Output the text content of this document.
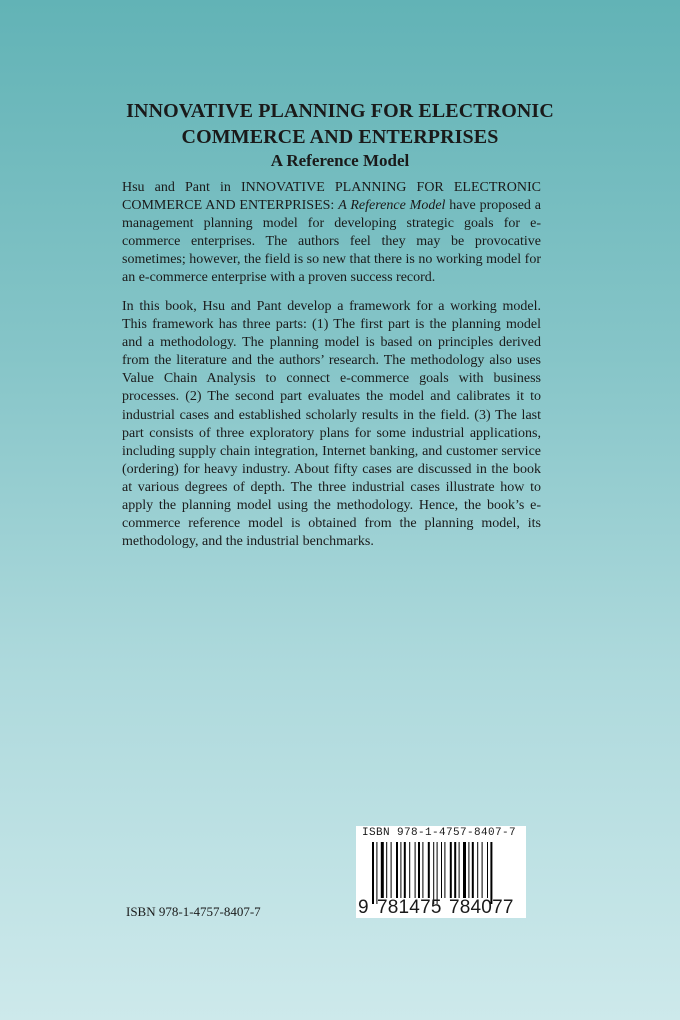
INNOVATIVE PLANNING FOR ELECTRONIC
COMMERCE AND ENTERPRISES
A Reference Model
Hsu and Pant in INNOVATIVE PLANNING FOR ELECTRONIC COMMERCE AND ENTERPRISES: A Reference Model have proposed a management planning model for developing strategic goals for e-commerce enterprises. The authors feel they may be provocative sometimes; however, the field is so new that there is no working model for an e-commerce enterprise with a proven success record.
In this book, Hsu and Pant develop a framework for a working model. This framework has three parts: (1) The first part is the planning model and a methodology. The planning model is based on principles derived from the literature and the authors’ research. The methodology also uses Value Chain Analysis to connect e-commerce goals with business processes. (2) The second part evaluates the model and calibrates it to industrial cases and established scholarly results in the field. (3) The last part consists of three exploratory plans for some industrial applications, including supply chain integration, Internet banking, and customer service (ordering) for heavy industry. About fifty cases are discussed in the book at various degrees of depth. The three industrial cases illustrate how to apply the planning model using the methodology. Hence, the book’s e-commerce reference model is obtained from the planning model, its methodology, and the industrial benchmarks.
ISBN 978-1-4757-8407-7
ISBN 978-1-4757-8407-7
9 781475 784077
